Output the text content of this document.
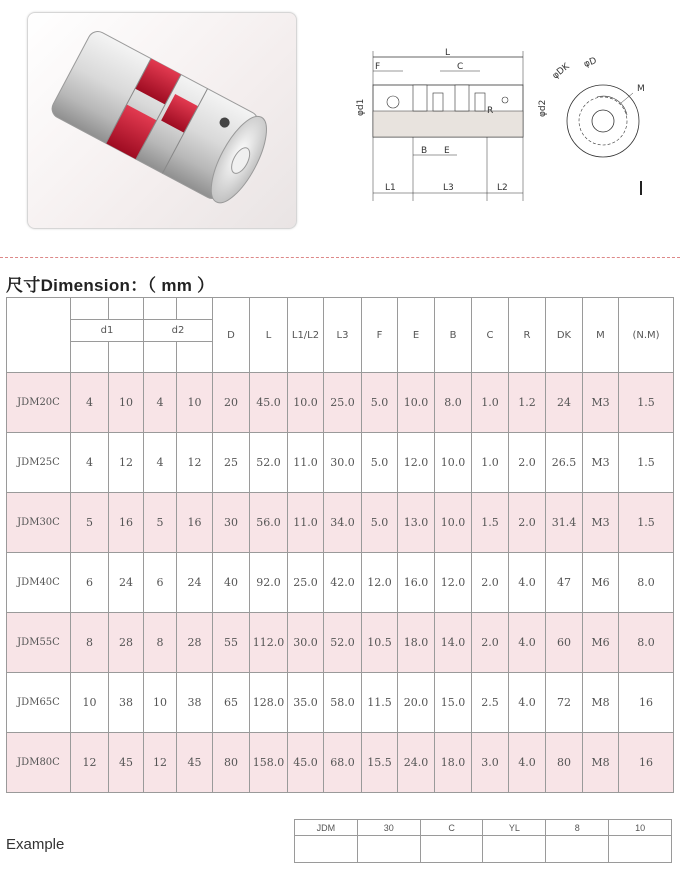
L
F	C
R
φd1	φd2
B E
L1	L3	L2
φDK φD
M
尺寸Dimension：（ mm ）
					D	L	L1/L2	L3	F	E	B	C	R	DK	M	(N.M)
	d1		d2													

JDM20C	4	10	4	10	20	45.0	10.0	25.0	5.0	10.0	8.0	1.0	1.2	24	M3	1.5
JDM25C	4	12	4	12	25	52.0	11.0	30.0	5.0	12.0	10.0	1.0	2.0	26.5	M3	1.5
JDM30C	5	16	5	16	30	56.0	11.0	34.0	5.0	13.0	10.0	1.5	2.0	31.4	M3	1.5
JDM40C	6	24	6	24	40	92.0	25.0	42.0	12.0	16.0	12.0	2.0	4.0	47	M6	8.0
JDM55C	8	28	8	28	55	112.0	30.0	52.0	10.5	18.0	14.0	2.0	4.0	60	M6	8.0
JDM65C	10	38	10	38	65	128.0	35.0	58.0	11.5	20.0	15.0	2.5	4.0	72	M8	16
JDM80C	12	45	12	45	80	158.0	45.0	68.0	15.5	24.0	18.0	3.0	4.0	80	M8	16
Example
JDM	30	C	YL	8	10
